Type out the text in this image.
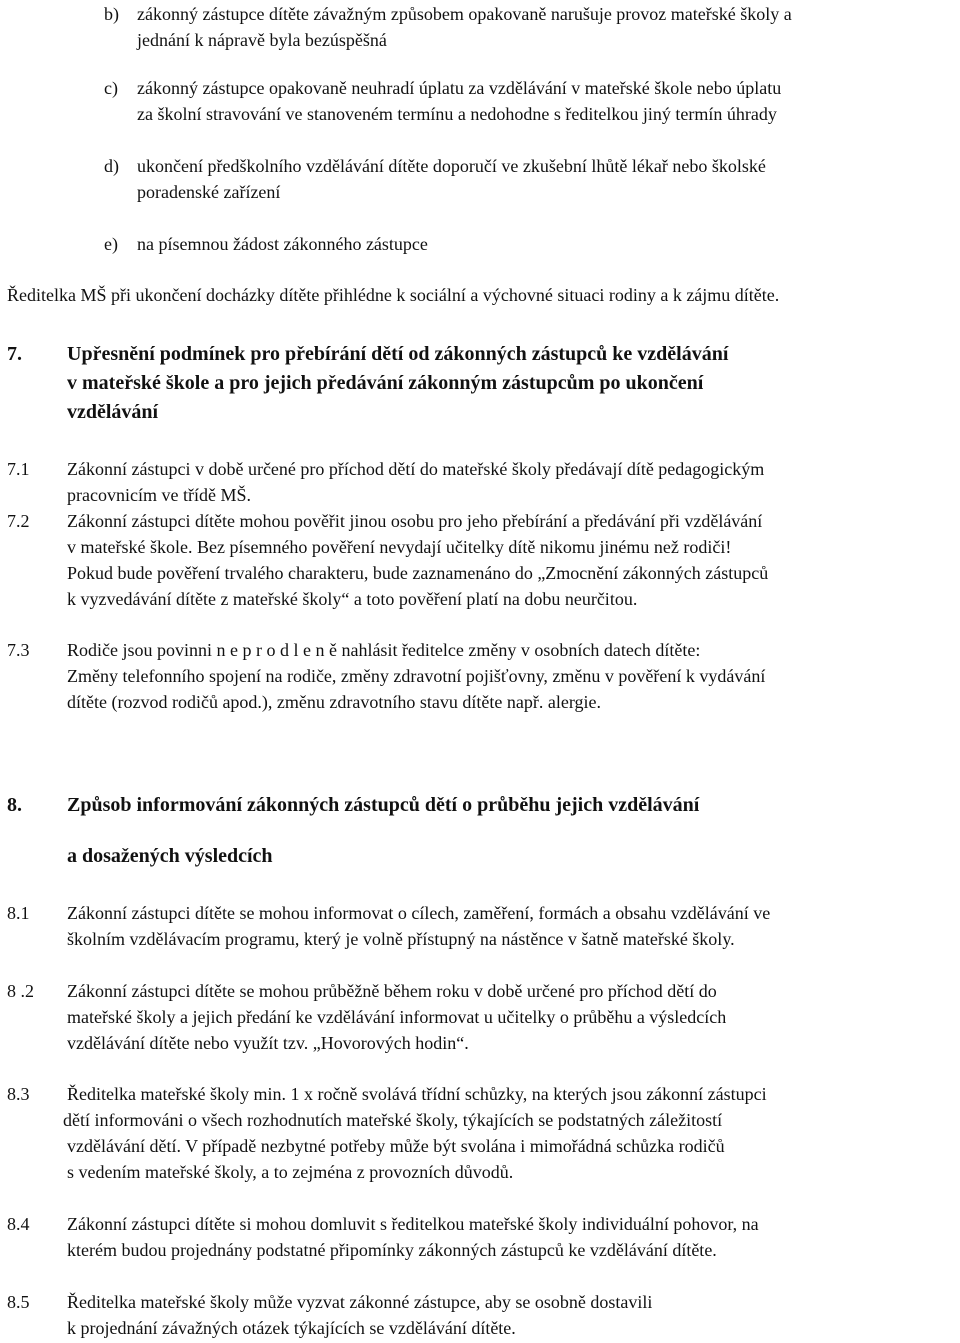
b) zákonný zástupce dítěte závažným způsobem opakovaně narušuje provoz mateřské školy a
jednání k nápravě byla bezúspěšná
c) zákonný zástupce opakovaně neuhradí úplatu za vzdělávání v mateřské škole nebo úplatu
za školní stravování ve stanoveném termínu a nedohodne s ředitelkou jiný termín úhrady
d) ukončení předškolního vzdělávání dítěte doporučí ve zkušební lhůtě lékař nebo školské
poradenské zařízení
e) na písemnou žádost zákonného zástupce
Ředitelka MŠ při ukončení docházky dítěte přihlédne k sociální a výchovné situaci rodiny a k zájmu dítěte.
7. Upřesnění podmínek pro přebírání dětí od zákonných zástupců ke vzdělávání
v mateřské škole a pro jejich předávání zákonným zástupcům po ukončení
vzdělávání
7.1 Zákonní zástupci v době určené pro příchod dětí do mateřské školy předávají dítě pedagogickým
pracovnicím ve třídě MŠ.
7.2 Zákonní zástupci dítěte mohou pověřit jinou osobu pro jeho přebírání a předávání při vzdělávání
v mateřské škole. Bez písemného pověření nevydají učitelky dítě nikomu jinému než rodiči!
Pokud bude pověření trvalého charakteru, bude zaznamenáno do „Zmocnění zákonných zástupců
k vyzvedávání dítěte z mateřské školy“ a toto pověření platí na dobu neurčitou.
7.3 Rodiče jsou povinni n e p r o d l e n ě nahlásit ředitelce změny v osobních datech dítěte:
Změny telefonního spojení na rodiče, změny zdravotní pojišťovny, změnu v pověření k vydávání
dítěte (rozvod rodičů apod.), změnu zdravotního stavu dítěte např. alergie.
8. Způsob informování zákonných zástupců dětí o průběhu jejich vzdělávání
a dosažených výsledcích
8.1 Zákonní zástupci dítěte se mohou informovat o cílech, zaměření, formách a obsahu vzdělávání ve
školním vzdělávacím programu, který je volně přístupný na nástěnce v šatně mateřské školy.
8 .2 Zákonní zástupci dítěte se mohou průběžně během roku v době určené pro příchod dětí do
mateřské školy a jejich předání ke vzdělávání informovat u učitelky o průběhu a výsledcích
vzdělávání dítěte nebo využít tzv. „Hovorových hodin“.
8.3 Ředitelka mateřské školy min. 1 x ročně svolává třídní schůzky, na kterých jsou zákonní zástupci
dětí informováni o všech rozhodnutích mateřské školy, týkajících se podstatných záležitostí
vzdělávání dětí. V případě nezbytné potřeby může být svolána i mimořádná schůzka rodičů
s vedením mateřské školy, a to zejména z provozních důvodů.
8.4 Zákonní zástupci dítěte si mohou domluvit s ředitelkou mateřské školy individuální pohovor, na
kterém budou projednány podstatné připomínky zákonných zástupců ke vzdělávání dítěte.
8.5 Ředitelka mateřské školy může vyzvat zákonné zástupce, aby se osobně dostavili
k projednání závažných otázek týkajících se vzdělávání dítěte.
